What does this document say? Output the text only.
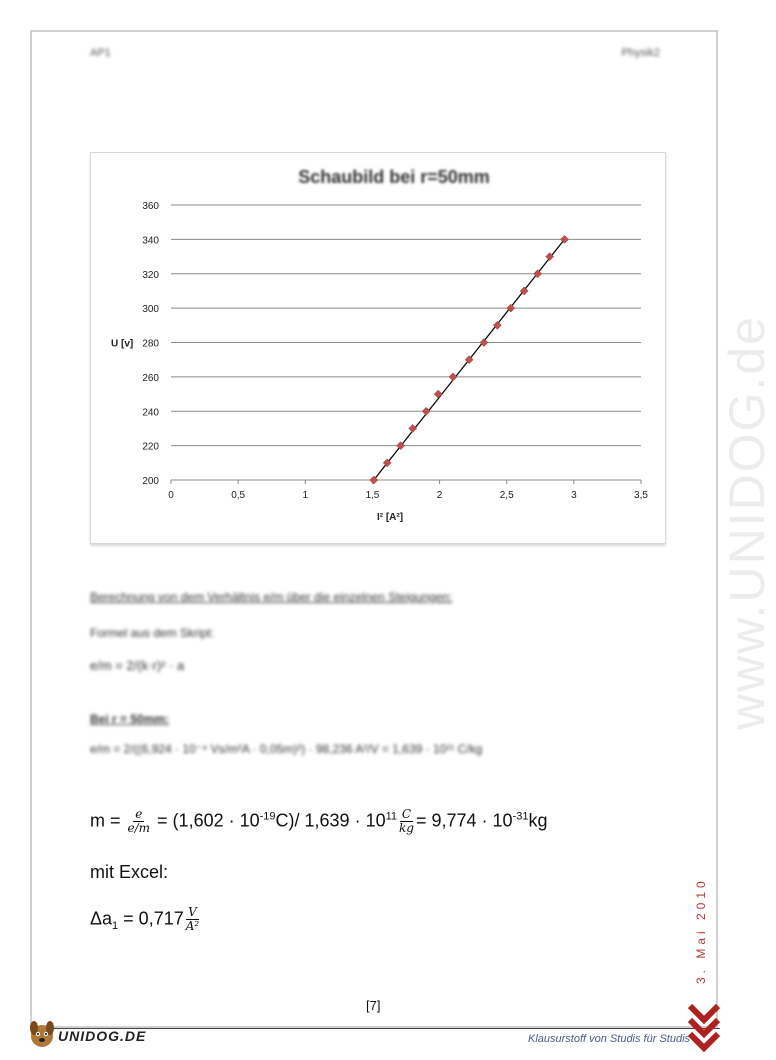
AP1	Physik2
www.UNIDOG.de
Schaubild bei r=50mm
200
220
240
260
280
300
320
340
360
0	0,5	1	1,5	2	2,5	3	3,5
U [v]
I² [A²]
Berechnung von dem Verhältnis e/m über die einzelnen Steigungen:
Formel aus dem Skript:
e/m = 2/(k·r)² · a
Bei r = 50mm:
e/m = 2/((6,924 · 10⁻⁴ Vs/m²A · 0,05m)²) · 98,236 A²/V = 1,639 · 10¹¹ C/kg
$m = \frac{e}{e/m} = (1,602 \cdot 10^{-19}C)/$ $1,639 \cdot 10^{11} \frac{C}{kg} = 9,774 \cdot 10^{-31}kg$
mit Excel:
$\Delta a_1 = 0,717 \frac{V}{\text{A²}}$	3. Mai 2010
[7]
UNIDOG.DE	Klausurstoff von Studis für Studis
